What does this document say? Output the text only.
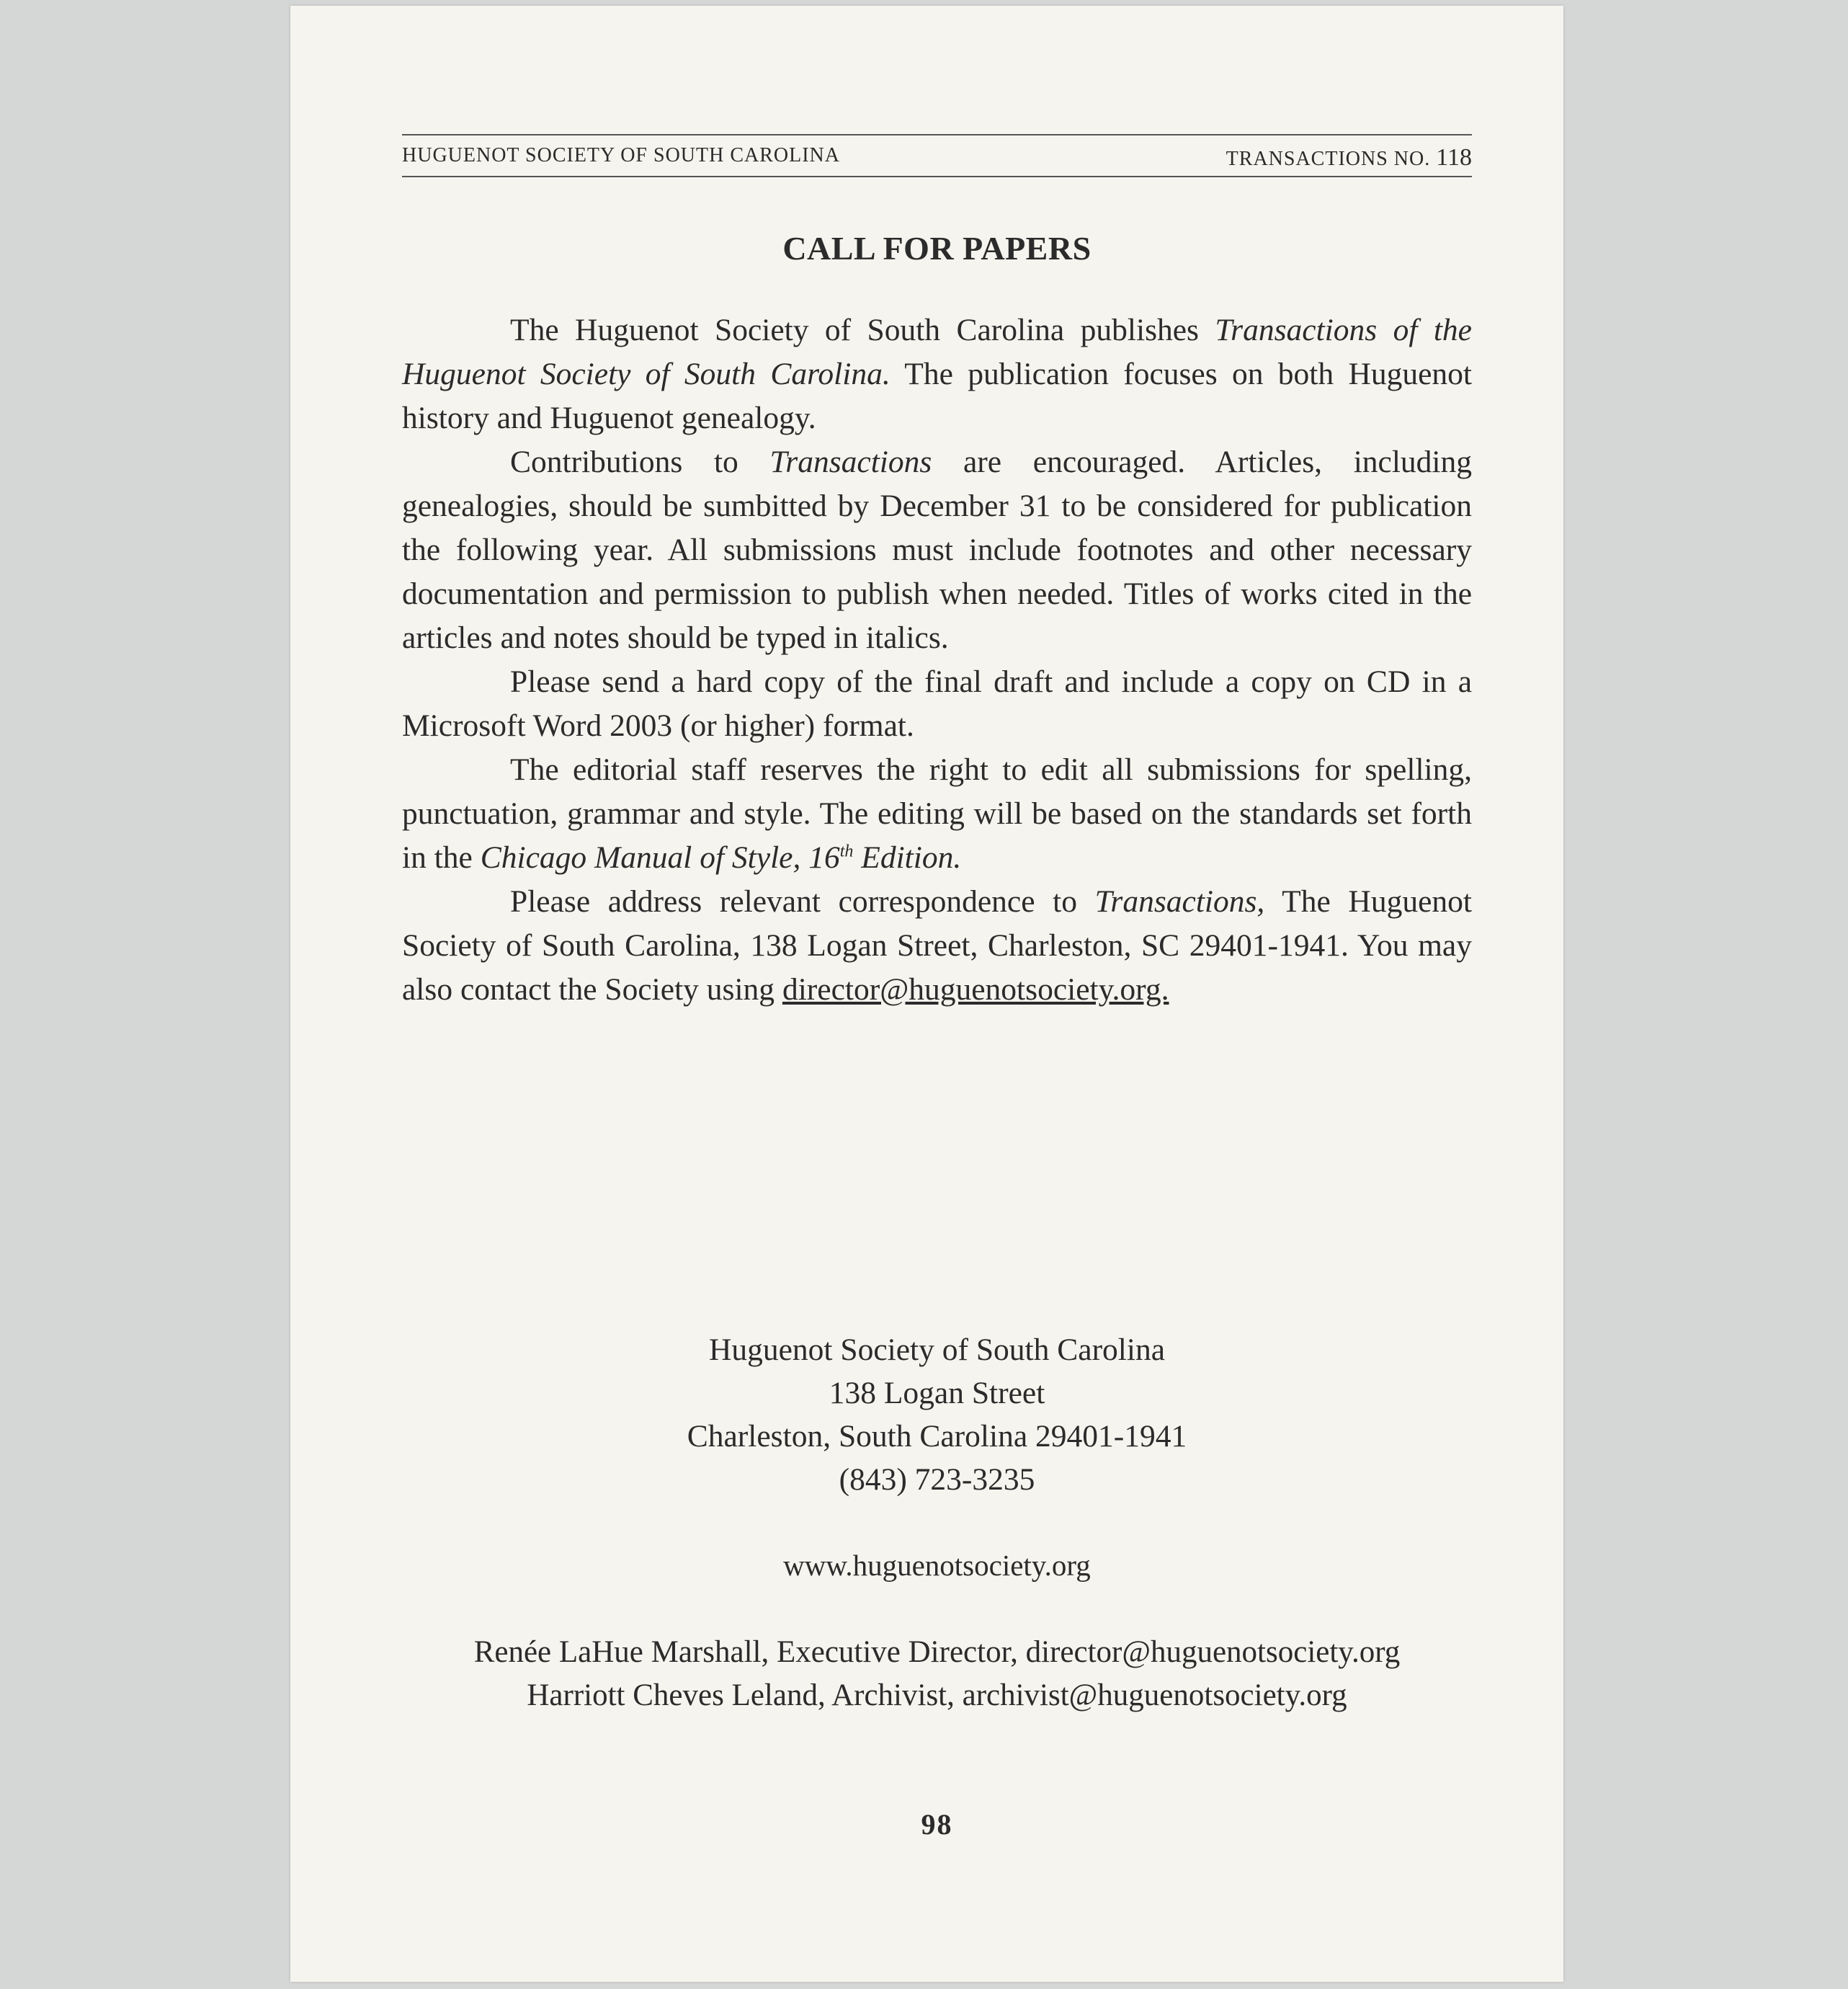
HUGUENOT SOCIETY OF SOUTH CAROLINA	TRANSACTIONS NO. 118
CALL FOR PAPERS

The Huguenot Society of South Carolina publishes Transactions of the Huguenot Society of South Carolina. The publication focuses on both Huguenot history and Huguenot genealogy.

Contributions to Transactions are encouraged. Articles, including genealogies, should be sumbitted by December 31 to be considered for publication the following year. All submissions must include footnotes and other necessary documentation and permission to publish when needed. Titles of works cited in the articles and notes should be typed in italics.

Please send a hard copy of the final draft and include a copy on CD in a Microsoft Word 2003 (or higher) format.

The editorial staff reserves the right to edit all submissions for spelling, punctuation, grammar and style. The editing will be based on the standards set forth in the Chicago Manual of Style, 16th Edition.

Please address relevant correspondence to Transactions, The Huguenot Society of South Carolina, 138 Logan Street, Charleston, SC 29401-1941. You may also contact the Society using director@huguenotsociety.org.

Huguenot Society of South Carolina
138 Logan Street
Charleston, South Carolina 29401-1941
(843) 723-3235
www.huguenotsociety.org
Renée LaHue Marshall, Executive Director, director@huguenotsociety.org
Harriott Cheves Leland, Archivist, archivist@huguenotsociety.org
98
